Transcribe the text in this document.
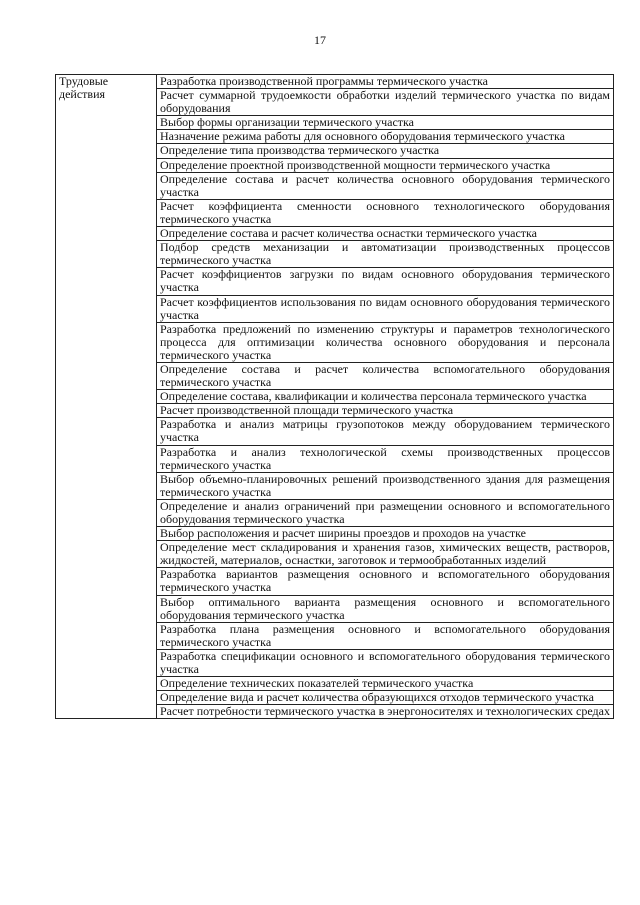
17
Трудовые действия	Разработка производственной программы термического участка
Расчет суммарной трудоемкости обработки изделий термического участка по видам оборудования
Выбор формы организации термического участка
Назначение режима работы для основного оборудования термического участка
Определение типа производства термического участка
Определение проектной производственной мощности термического участка
Определение состава и расчет количества основного оборудования термического участка
Расчет коэффициента сменности основного технологического оборудования термического участка
Определение состава и расчет количества оснастки термического участка
Подбор средств механизации и автоматизации производственных процессов термического участка
Расчет коэффициентов загрузки по видам основного оборудования термического участка
Расчет коэффициентов использования по видам основного оборудования термического участка
Разработка предложений по изменению структуры и параметров технологического процесса для оптимизации количества основного оборудования и персонала термического участка
Определение состава и расчет количества вспомогательного оборудования термического участка
Определение состава, квалификации и количества персонала термического участка
Расчет производственной площади термического участка
Разработка и анализ матрицы грузопотоков между оборудованием термического участка
Разработка и анализ технологической схемы производственных процессов термического участка
Выбор объемно-планировочных решений производственного здания для размещения термического участка
Определение и анализ ограничений при размещении основного и вспомогательного оборудования термического участка
Выбор расположения и расчет ширины проездов и проходов на участке
Определение мест складирования и хранения газов, химических веществ, растворов, жидкостей, материалов, оснастки, заготовок и термообработанных изделий
Разработка вариантов размещения основного и вспомогательного оборудования термического участка
Выбор оптимального варианта размещения основного и вспомогательного оборудования термического участка
Разработка плана размещения основного и вспомогательного оборудования термического участка
Разработка спецификации основного и вспомогательного оборудования термического участка
Определение технических показателей термического участка
Определение вида и расчет количества образующихся отходов термического участка
Расчет потребности термического участка в энергоносителях и технологических средах
